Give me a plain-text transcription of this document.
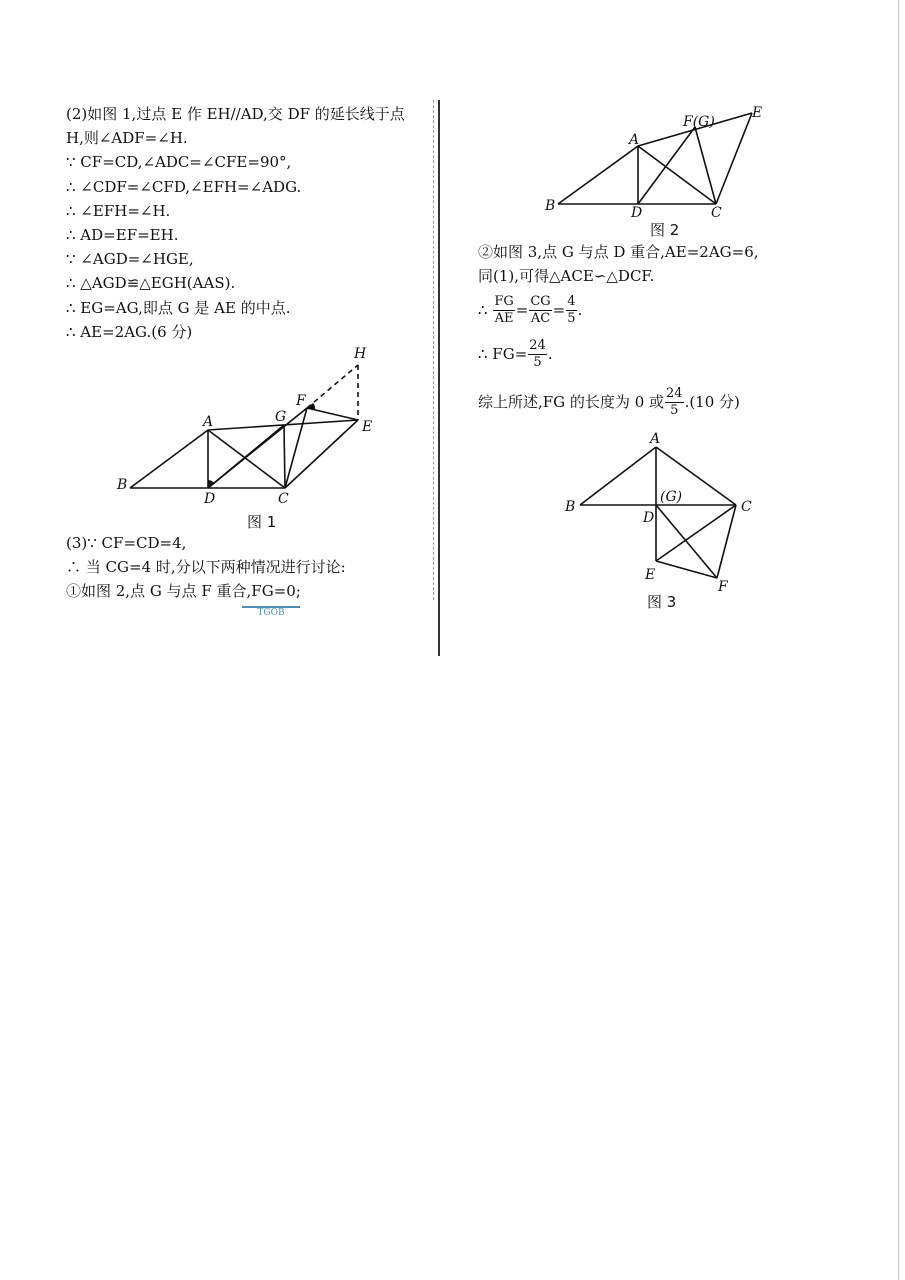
(2)如图 1,过点 E 作 EH//AD,交 DF 的延长线于点
H,则∠ADF=∠H.
∵ CF=CD,∠ADC=∠CFE=90°,
∴ ∠CDF=∠CFD,∠EFH=∠ADG.
∴ ∠EFH=∠H.
∴ AD=EF=EH.
∵ ∠AGD=∠HGE,
∴ △AGD≌△EGH(AAS).
∴ EG=AG,即点 G 是 AE 的中点.
∴ AE=2AG.(6 分)
H
A	G
F
E
B
D	C
图 1
(3)∵ CF=CD=4,
∴ 当 CG=4 时,分以下两种情况进行讨论:
①如图 2,点 G 与点 F 重合,FG=0;
TGOB
A
F(G)
E
B	D	C
图 2
②如图 3,点 G 与点 D 重合,AE=2AG=6,
同(1),可得△ACE∽△DCF.
∴
$\frac{FG}{AE} = \frac{CG}{AC} = \frac{4}{5}$ .
∴ $FG= \frac{24}{5}$ .
综上所述,FG 的长度为 0 或 $\frac{24}{5} .(10$ 分)
A
B
(G)
D
C
E
F
图 3
